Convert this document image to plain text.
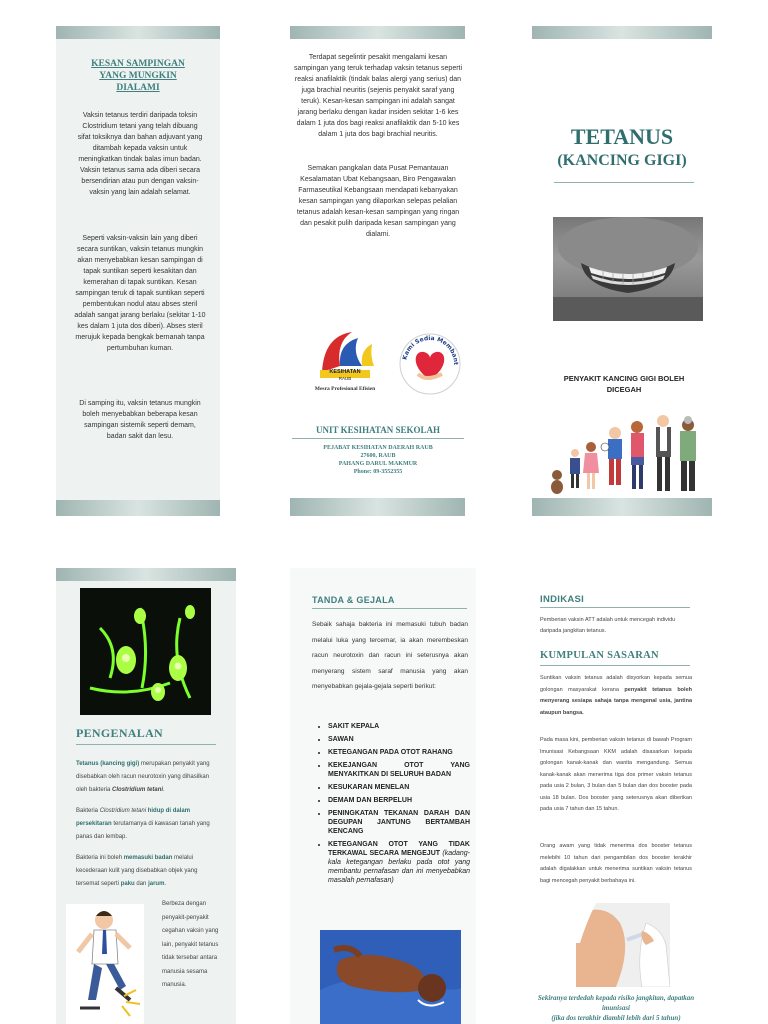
KESAN SAMPINGAN YANG MUNGKIN DIALAMI
Vaksin tetanus terdiri daripada toksin Clostridium tetani yang telah dibuang sifat toksiknya dan bahan adjuvant yang ditambah kepada vaksin untuk meningkatkan tindak balas imun badan. Vaksin tetanus sama ada diberi secara bersendirian atau pun dengan vaksin-vaksin yang lain adalah selamat.
Seperti vaksin-vaksin lain yang diberi secara suntikan, vaksin tetanus mungkin akan menyebabkan kesan sampingan di tapak suntikan seperti kesakitan dan kemerahan di tapak suntikan. Kesan sampingan teruk di tapak suntikan seperti pembentukan nodul atau abses steril adalah sangat jarang berlaku (sekitar 1-10 kes dalam 1 juta dos diberi). Abses steril merujuk kepada bengkak bernanah tanpa pertumbuhan kuman.
Di samping itu, vaksin tetanus mungkin boleh menyebabkan beberapa kesan sampingan sistemik seperti demam, badan sakit dan lesu.
Terdapat segelintir pesakit mengalami kesan sampingan yang teruk terhadap vaksin tetanus seperti reaksi anafilaktik (tindak balas alergi yang serius) dan juga brachial neuritis (sejenis penyakit saraf yang teruk). Kesan-kesan sampingan ini adalah sangat jarang berlaku dengan kadar insiden sekitar 1-6 kes dalam 1 juta dos bagi reaksi anafilaktik dan 5-10 kes dalam 1 juta dos bagi brachial neuritis.
Semakan pangkalan data Pusat Pemantauan Kesalamatan Ubat Kebangsaan, Biro Pengawalan Farmaseutikal Kebangsaan mendapati kebanyakan kesan sampingan yang dilaporkan selepas pelalian tetanus adalah kesan-kesan sampingan yang ringan dan pesakit pulih daripada kesan sampingan yang dialami.
KESIHATAN
RAUB
Mesra Profesional Efisien
Kami Sedia Membant
UNIT KESIHATAN SEKOLAH
PEJABAT KESIHATAN DAERAH RAUB
27600, RAUB
PAHANG DARUL MAKMUR
Phone: 09-3552355
TETANUS
(KANCING GIGI)
PENYAKIT KANCING GIGI BOLEH DICEGAH
PENGENALAN
Tetanus (kancing gigi) merupakan penyakit yang disebabkan oleh racun neurotoxin yang dihasilkan oleh bakteria Clostridium tetani.
Bakteria Clostridium tetani hidup di dalam persekitaran terutamanya di kawasan tanah yang panas dan lembap.
Bakteria ini boleh memasuki badan melalui kecederaan kulit yang disebabkan objek yang tersemat seperti paku dan jarum.
Berbeza dengan penyakit-penyakit cegahan vaksin yang lain, penyakit tetanus tidak tersebar antara manusia sesama manusia.
TANDA & GEJALA
Sebaik sahaja bakteria ini memasuki tubuh badan melalui luka yang tercemar, ia akan merembeskan racun neurotoxin dan racun ini seterusnya akan menyerang sistem saraf manusia yang akan menyebabkan gejala-gejala seperti berikut:
• SAKIT KEPALA
• SAWAN
• KETEGANGAN PADA OTOT RAHANG
• KEKEJANGAN OTOT YANG MENYAKITKAN DI SELURUH BADAN
• KESUKARAN MENELAN
• DEMAM DAN BERPELUH
• PENINGKATAN TEKANAN DARAH DAN DEGUPAN JANTUNG BERTAMBAH KENCANG
• KETEGANGAN OTOT YANG TIDAK TERKAWAL SECARA MENGEJUT (kadang-kala ketegangan berlaku pada otot yang membantu pernafasan dan ini menyebabkan masalah pernafasan)
INDIKASI
Pemberian vaksin ATT adalah untuk mencegah individu daripada jangkitan tetanus.
KUMPULAN SASARAN
Suntikan vaksin tetanus adalah disyorkan kepada semua golongan masyarakat kerana penyakit tetanus boleh menyerang sesiapa sahaja tanpa mengenal usia, jantina ataupun bangsa.
Pada masa kini, pemberian vaksin tetanus di bawah Program Imunisasi Kebangsaan KKM adalah disasarkan kepada golongan kanak-kanak dan wanita mengandung. Semua kanak-kanak akan menerima tiga dos primer vaksin tetanus pada usia 2 bulan, 3 bulan dan 5 bulan dan dos booster pada usia 18 bulan. Dos booster yang seterusnya akan diberikan pada usia 7 tahun dan 15 tahun.
Orang awam yang tidak menerima dos booster tetanus melebihi 10 tahun dari pengambilan dos booster terakhir adalah digalakkan untuk menerima suntikan vaksin tetanus bagi mencegah penyakit berbahaya ini.
Sekiranya terdedah kepada risiko jangkitan, dapatkan imunisasi
(jika dos terakhir diambil lebih dari 5 tahun)
